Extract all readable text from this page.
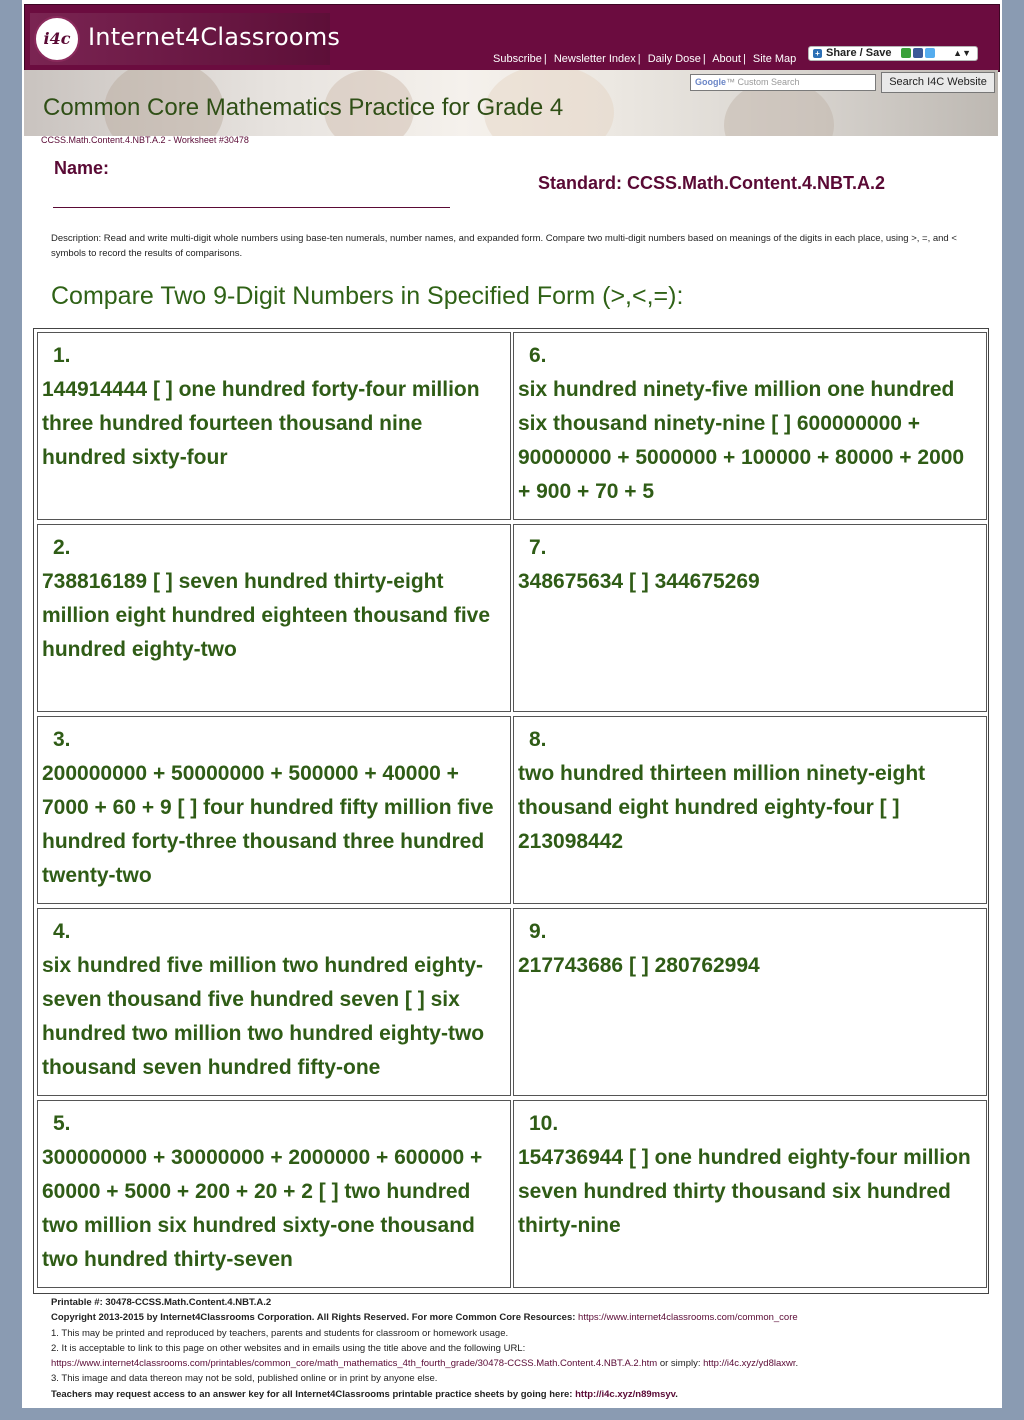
i4c Internet4Classrooms
Subscribe | Newsletter Index | Daily Dose | About | Site Map	+ Share / Save	▲▼
Google™ Custom Search	Search I4C Website
Common Core Mathematics Practice for Grade 4
CCSS.Math.Content.4.NBT.A.2 - Worksheet #30478
Name:
Standard: CCSS.Math.Content.4.NBT.A.2
Description: Read and write multi-digit whole numbers using base-ten numerals, number names, and expanded form. Compare two multi-digit numbers based on meanings of the digits in each place, using >, =, and < symbols to record the results of comparisons.
Compare Two 9-Digit Numbers in Specified Form (>,<,=):
1.
144914444 [ ] one hundred forty-four million three hundred fourteen thousand nine hundred sixty-four
6.
six hundred ninety-five million one hundred six thousand ninety-nine [ ] 600000000 + 90000000 + 5000000 + 100000 + 80000 + 2000 + 900 + 70 + 5
2.
738816189 [ ] seven hundred thirty-eight million eight hundred eighteen thousand five hundred eighty-two
7.
348675634 [ ] 344675269
3.
200000000 + 50000000 + 500000 + 40000 + 7000 + 60 + 9 [ ] four hundred fifty million five hundred forty-three thousand three hundred twenty-two
8.
two hundred thirteen million ninety-eight thousand eight hundred eighty-four [ ] 213098442
4.
six hundred five million two hundred eighty-seven thousand five hundred seven [ ] six hundred two million two hundred eighty-two thousand seven hundred fifty-one
9.
217743686 [ ] 280762994
5.
300000000 + 30000000 + 2000000 + 600000 + 60000 + 5000 + 200 + 20 + 2 [ ] two hundred two million six hundred sixty-one thousand two hundred thirty-seven
10.
154736944 [ ] one hundred eighty-four million seven hundred thirty thousand six hundred thirty-nine
Printable #: 30478-CCSS.Math.Content.4.NBT.A.2
Copyright 2013-2015 by Internet4Classrooms Corporation. All Rights Reserved. For more Common Core Resources: https://www.internet4classrooms.com/common_core
1. This may be printed and reproduced by teachers, parents and students for classroom or homework usage.
2. It is acceptable to link to this page on other websites and in emails using the title above and the following URL:
https://www.internet4classrooms.com/printables/common_core/math_mathematics_4th_fourth_grade/30478-CCSS.Math.Content.4.NBT.A.2.htm or simply: http://i4c.xyz/yd8laxwr.
3. This image and data thereon may not be sold, published online or in print by anyone else.
Teachers may request access to an answer key for all Internet4Classrooms printable practice sheets by going here: http://i4c.xyz/n89msyv.
